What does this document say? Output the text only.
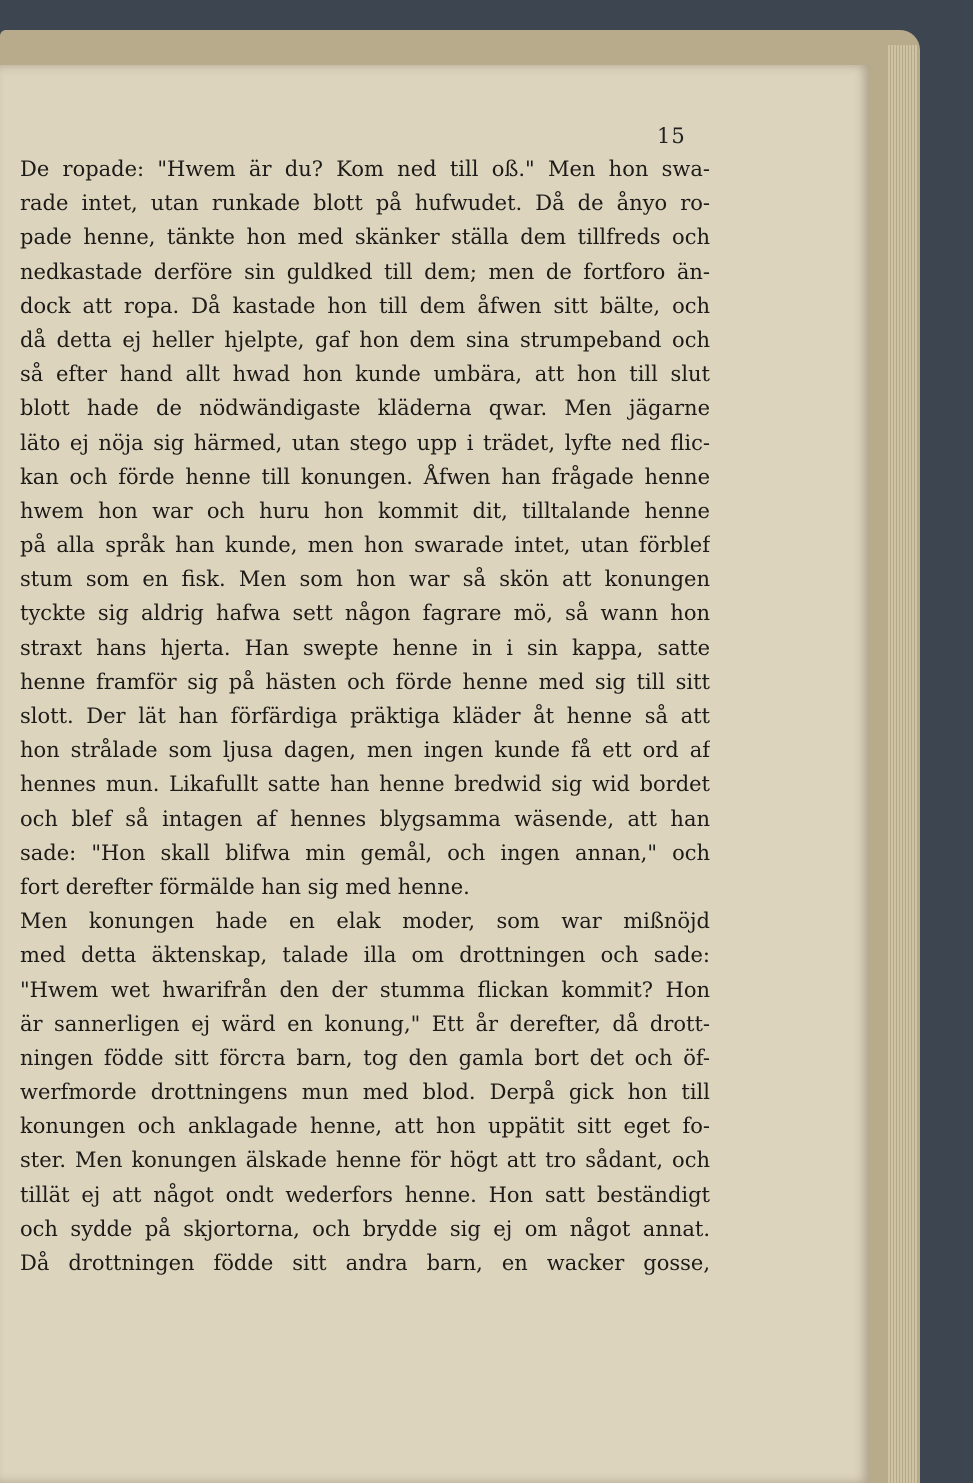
15
De ropade: "Hwem är du? Kom ned till oß." Men hon swa-
rade intet, utan runkade blott på hufwudet. Då de ånyo ro-
pade henne, tänkte hon med skänker ställa dem tillfreds och
nedkastade derföre sin guldked till dem; men de fortforo än-
dock att ropa. Då kastade hon till dem åfwen sitt bälte, och
då detta ej heller hjelpte, gaf hon dem sina strumpeband och
så efter hand allt hwad hon kunde umbära, att hon till slut
blott hade de nödwändigaste kläderna qwar. Men jägarne
läto ej nöja sig härmed, utan stego upp i trädet, lyfte ned flic-
kan och förde henne till konungen. Åfwen han frågade henne
hwem hon war och huru hon kommit dit, tilltalande henne
på alla språk han kunde, men hon swarade intet, utan förblef
stum som en fisk. Men som hon war så skön att konungen
tyckte sig aldrig hafwa sett någon fagrare mö, så wann hon
straxt hans hjerta. Han swepte henne in i sin kappa, satte
henne framför sig på hästen och förde henne med sig till sitt
slott. Der lät han förfärdiga präktiga kläder åt henne så att
hon strålade som ljusa dagen, men ingen kunde få ett ord af
hennes mun. Likafullt satte han henne bredwid sig wid bordet
och blef så intagen af hennes blygsamma wäsende, att han
sade: "Hon skall blifwa min gemål, och ingen annan," och
fort derefter förmälde han sig med henne.
Men konungen hade en elak moder, som war mißnöjd
med detta äktenskap, talade illa om drottningen och sade:
"Hwem wet hwarifrån den der stumma flickan kommit? Hon
är sannerligen ej wärd en konung," Ett år derefter, då drott-
ningen födde sitt förста barn, tog den gamla bort det och öf-
werfmorde drottningens mun med blod. Derpå gick hon till
konungen och anklagade henne, att hon uppätit sitt eget fo-
ster. Men konungen älskade henne för högt att tro sådant, och
tillät ej att något ondt wederfors henne. Hon satt beständigt
och sydde på skjortorna, och brydde sig ej om något annat.
Då drottningen födde sitt andra barn, en wacker gosse,
